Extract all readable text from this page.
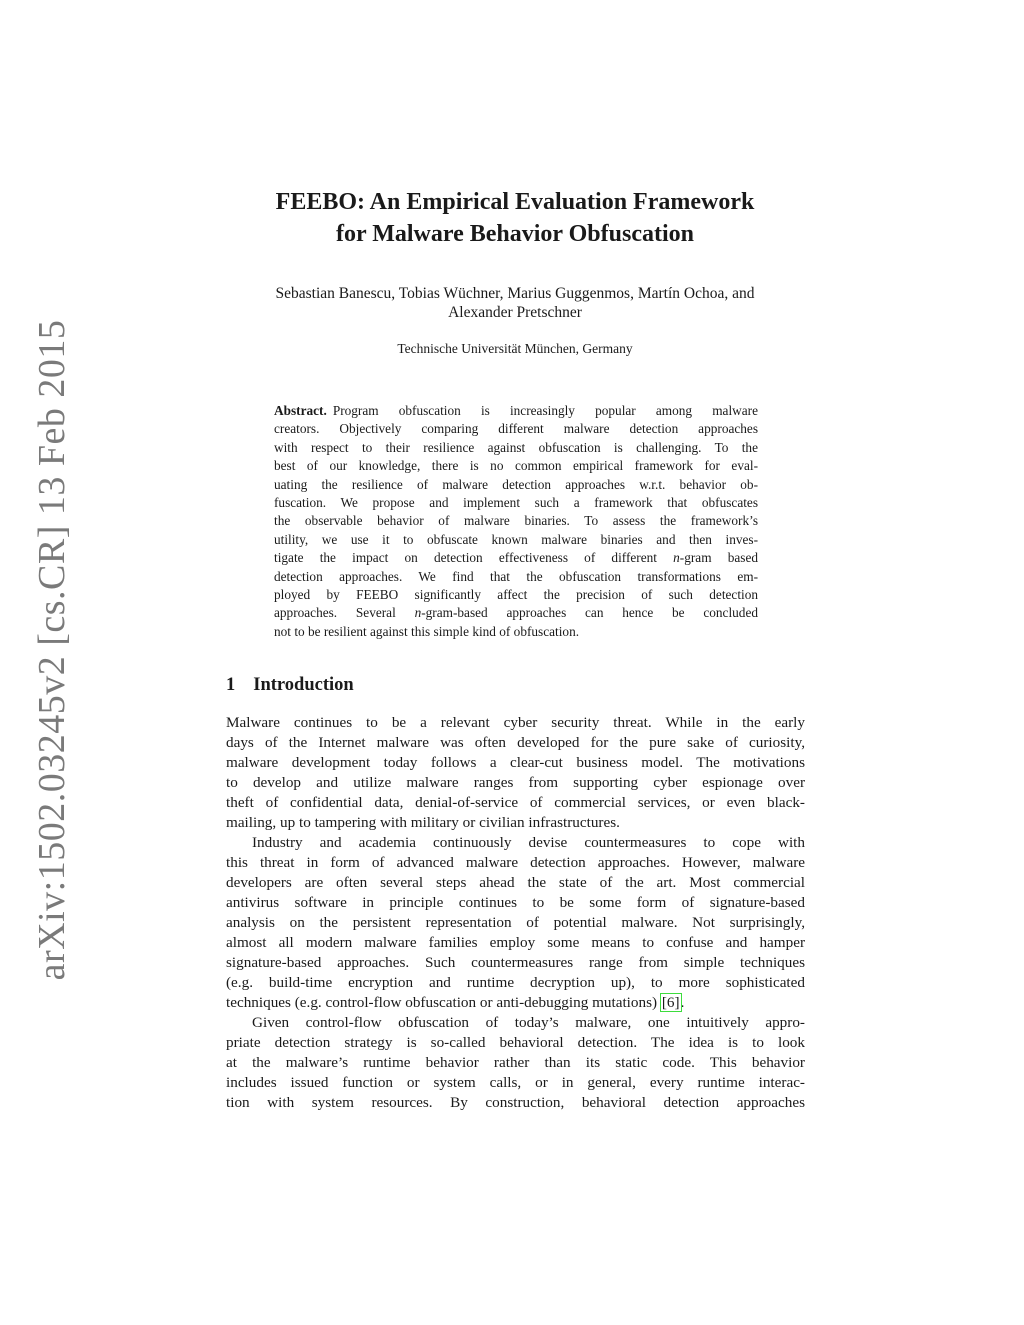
arXiv:1502.03245v2 [cs.CR] 13 Feb 2015
FEEBO: An Empirical Evaluation Framework
for Malware Behavior Obfuscation
Sebastian Banescu, Tobias Wüchner, Marius Guggenmos, Martín Ochoa, and
Alexander Pretschner
Technische Universität München, Germany
Abstract. Program obfuscation is increasingly popular among malware
creators. Objectively comparing different malware detection approaches
with respect to their resilience against obfuscation is challenging. To the
best of our knowledge, there is no common empirical framework for eval-
uating the resilience of malware detection approaches w.r.t. behavior ob-
fuscation. We propose and implement such a framework that obfuscates
the observable behavior of malware binaries. To assess the framework’s
utility, we use it to obfuscate known malware binaries and then inves-
tigate the impact on detection effectiveness of different n-gram based
detection approaches. We find that the obfuscation transformations em-
ployed by FEEBO significantly affect the precision of such detection
approaches. Several n-gram-based approaches can hence be concluded
not to be resilient against this simple kind of obfuscation.
1 Introduction
Malware continues to be a relevant cyber security threat. While in the early
days of the Internet malware was often developed for the pure sake of curiosity,
malware development today follows a clear-cut business model. The motivations
to develop and utilize malware ranges from supporting cyber espionage over
theft of confidential data, denial-of-service of commercial services, or even black-
mailing, up to tampering with military or civilian infrastructures.
Industry and academia continuously devise countermeasures to cope with
this threat in form of advanced malware detection approaches. However, malware
developers are often several steps ahead the state of the art. Most commercial
antivirus software in principle continues to be some form of signature-based
analysis on the persistent representation of potential malware. Not surprisingly,
almost all modern malware families employ some means to confuse and hamper
signature-based approaches. Such countermeasures range from simple techniques
(e.g. build-time encryption and runtime decryption up), to more sophisticated
techniques (e.g. control-flow obfuscation or anti-debugging mutations) [6].
Given control-flow obfuscation of today’s malware, one intuitively appro-
priate detection strategy is so-called behavioral detection. The idea is to look
at the malware’s runtime behavior rather than its static code. This behavior
includes issued function or system calls, or in general, every runtime interac-
tion with system resources. By construction, behavioral detection approaches
